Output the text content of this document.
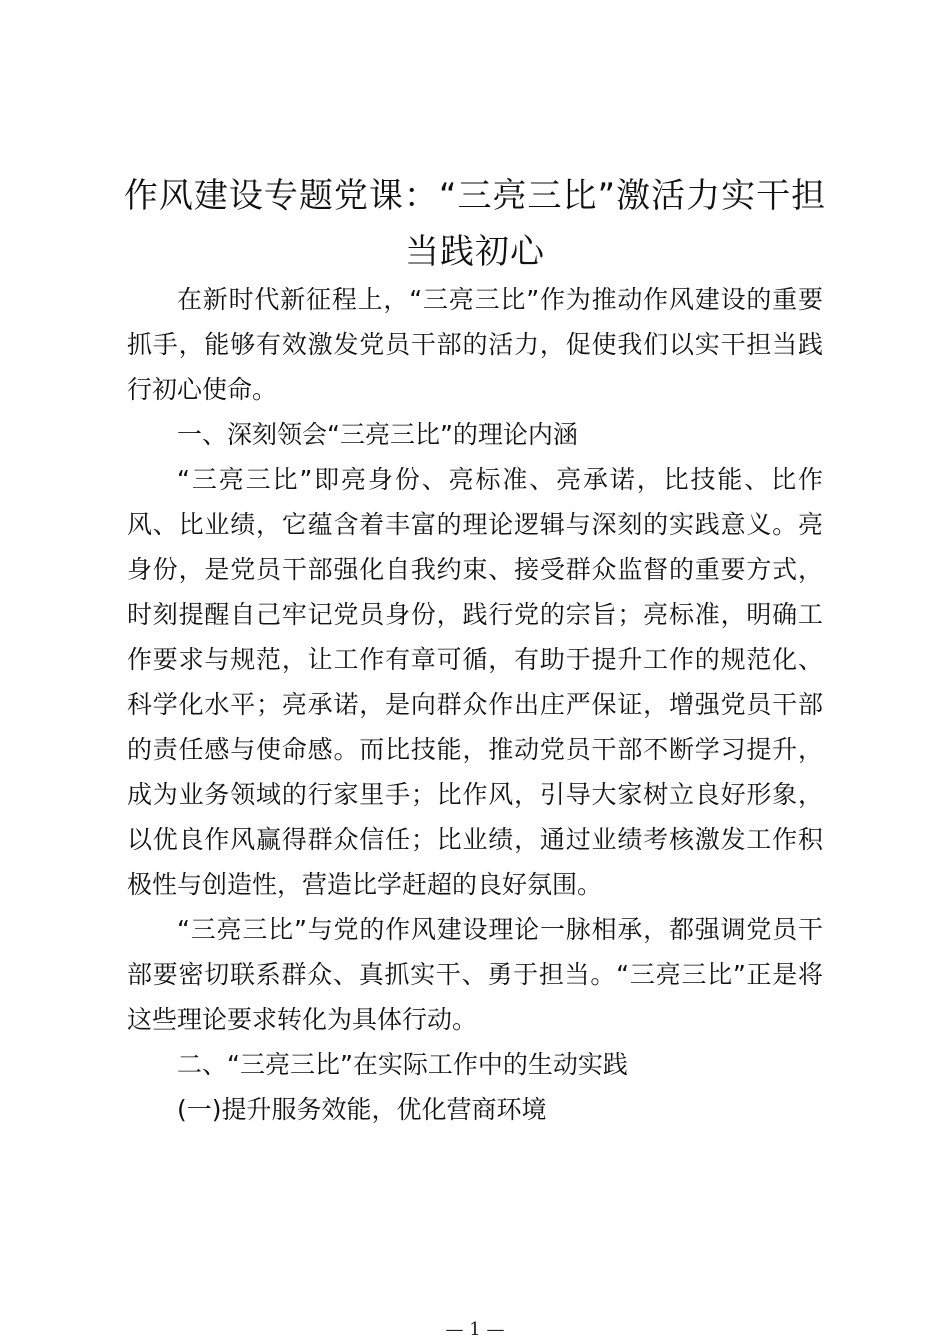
作风建设专题党课：“三亮三比”激活力实干担当践初心

在新时代新征程上，“三亮三比”作为推动作风建设的重要抓手，能够有效激发党员干部的活力，促使我们以实干担当践行初心使命。

一、深刻领会“三亮三比”的理论内涵

“三亮三比”即亮身份、亮标准、亮承诺，比技能、比作风、比业绩，它蕴含着丰富的理论逻辑与深刻的实践意义。亮身份，是党员干部强化自我约束、接受群众监督的重要方式，时刻提醒自己牢记党员身份，践行党的宗旨；亮标准，明确工作要求与规范，让工作有章可循，有助于提升工作的规范化、科学化水平；亮承诺，是向群众作出庄严保证，增强党员干部的责任感与使命感。而比技能，推动党员干部不断学习提升，成为业务领域的行家里手；比作风，引导大家树立良好形象，以优良作风赢得群众信任；比业绩，通过业绩考核激发工作积极性与创造性，营造比学赶超的良好氛围。

“三亮三比”与党的作风建设理论一脉相承，都强调党员干部要密切联系群众、真抓实干、勇于担当。“三亮三比”正是将这些理论要求转化为具体行动。

二、“三亮三比”在实际工作中的生动实践

(一)提升服务效能，优化营商环境

— 1 —
